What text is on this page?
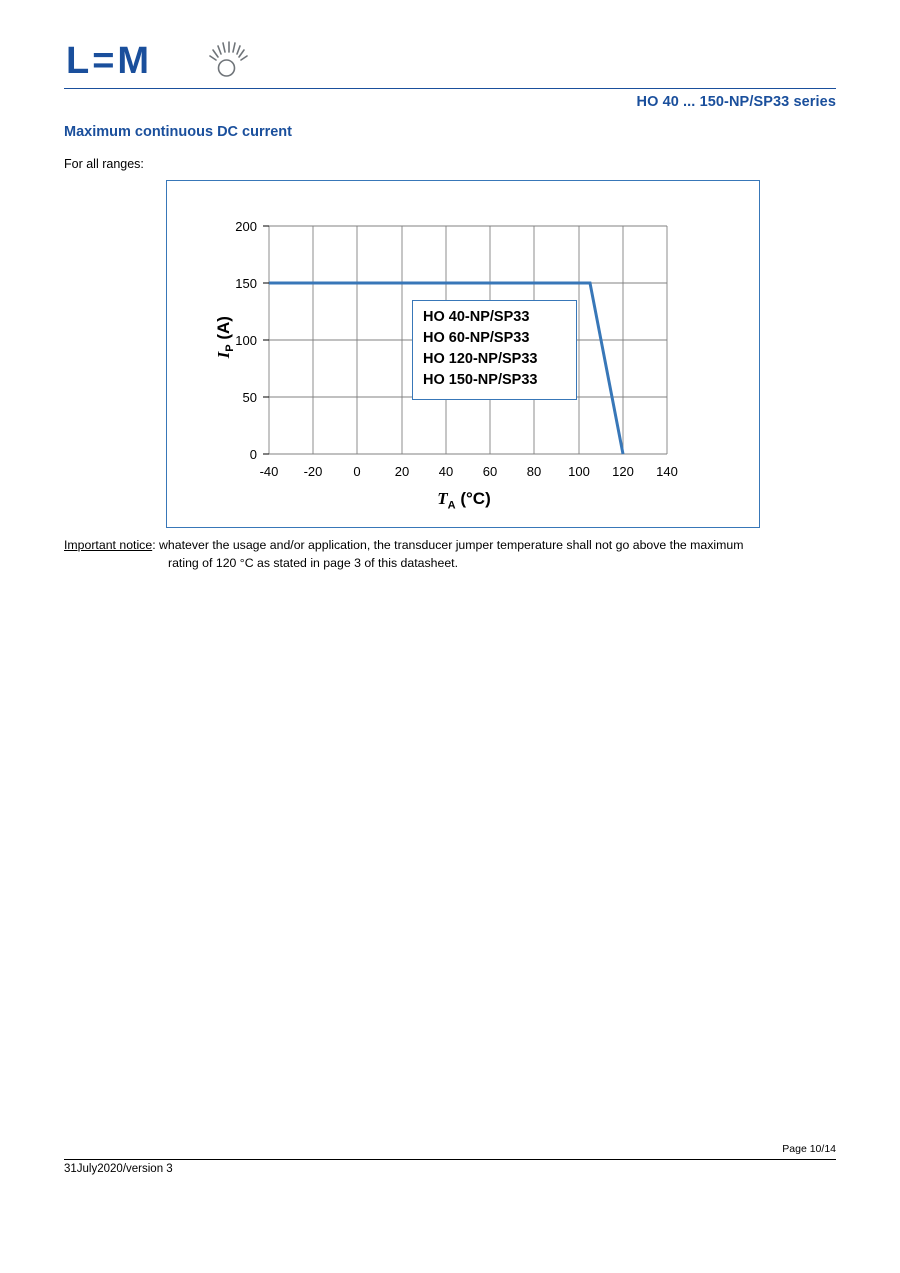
L=M
HO 40 ... 150-NP/SP33 series
Maximum continuous DC current
For all ranges:
$I_P$ (A)
200
150
100
50
0
-40 -20 0	20 40 60 80 100 120 140
HO 40-NP/SP33
HO 60-NP/SP33
HO 120-NP/SP33
HO 150-NP/SP33
$T_A$ (°C)
Important notice: whatever the usage and/or application, the transducer jumper temperature shall not go above the maximum
rating of 120 °C as stated in page 3 of this datasheet.
Page 10/14
31July2020/version 3
